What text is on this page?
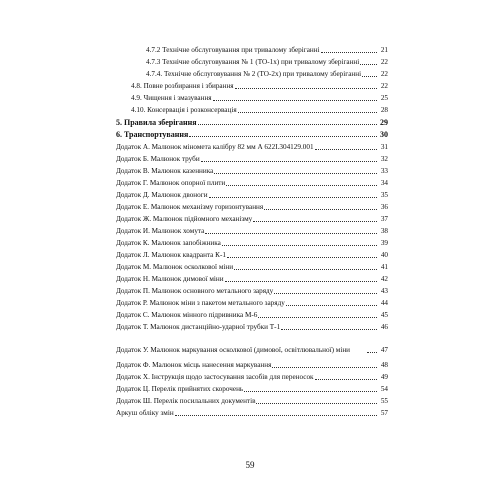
4.7.2 Технічне обслуговування при тривалому зберіганні	21
4.7.3 Технічне обслуговування № 1 (ТО-1х) при тривалому зберіганні	22
4.7.4. Технічне обслуговування № 2 (ТО-2х) при тривалому зберіганні	22
4.8. Повне розбирання і збирання	22
4.9. Чищення і змазування	25
4.10. Консервація і розконсервація	28
5. Правила зберігання	29
6. Транспортування	30
Додаток А. Малюнок міномета калібру 82 мм А 622I.304129.001	31
Додаток Б. Малюнок труби	32
Додаток В. Малюнок казенника	33
Додаток Г. Малюнок опорної плити	34
Додаток Д. Малюнок двоноги	35
Додаток Е. Малюнок механізму горизонтування	36
Додаток Ж. Малюнок підйомного механізму	37
Додаток И. Малюнок хомута	38
Додаток К. Малюнок запобіжника	39
Додаток Л. Малюнок квадранта К-1	40
Додаток М. Малюнок осколкової міни	41
Додаток Н. Малюнок димової міни	42
Додаток П. Малюнок основного метального заряду	43
Додаток Р. Малюнок міни з пакетом метального заряду	44
Додаток С. Малюнок мінного підривника М-6	45
Додаток Т. Малюнок дистанційно-ударної трубки Т-1	46
Додаток У. Малюнок маркування осколкової (димової, освітлювальної) міни	47
Додаток Ф. Малюнок місць нанесення маркування	48
Додаток Х. Інструкція щодо застосування засобів для переносок	49
Додаток Ц. Перелік прийнятих скорочень	54
Додаток Ш. Перелік посилальних документів	55
Аркуш обліку змін	57
59
